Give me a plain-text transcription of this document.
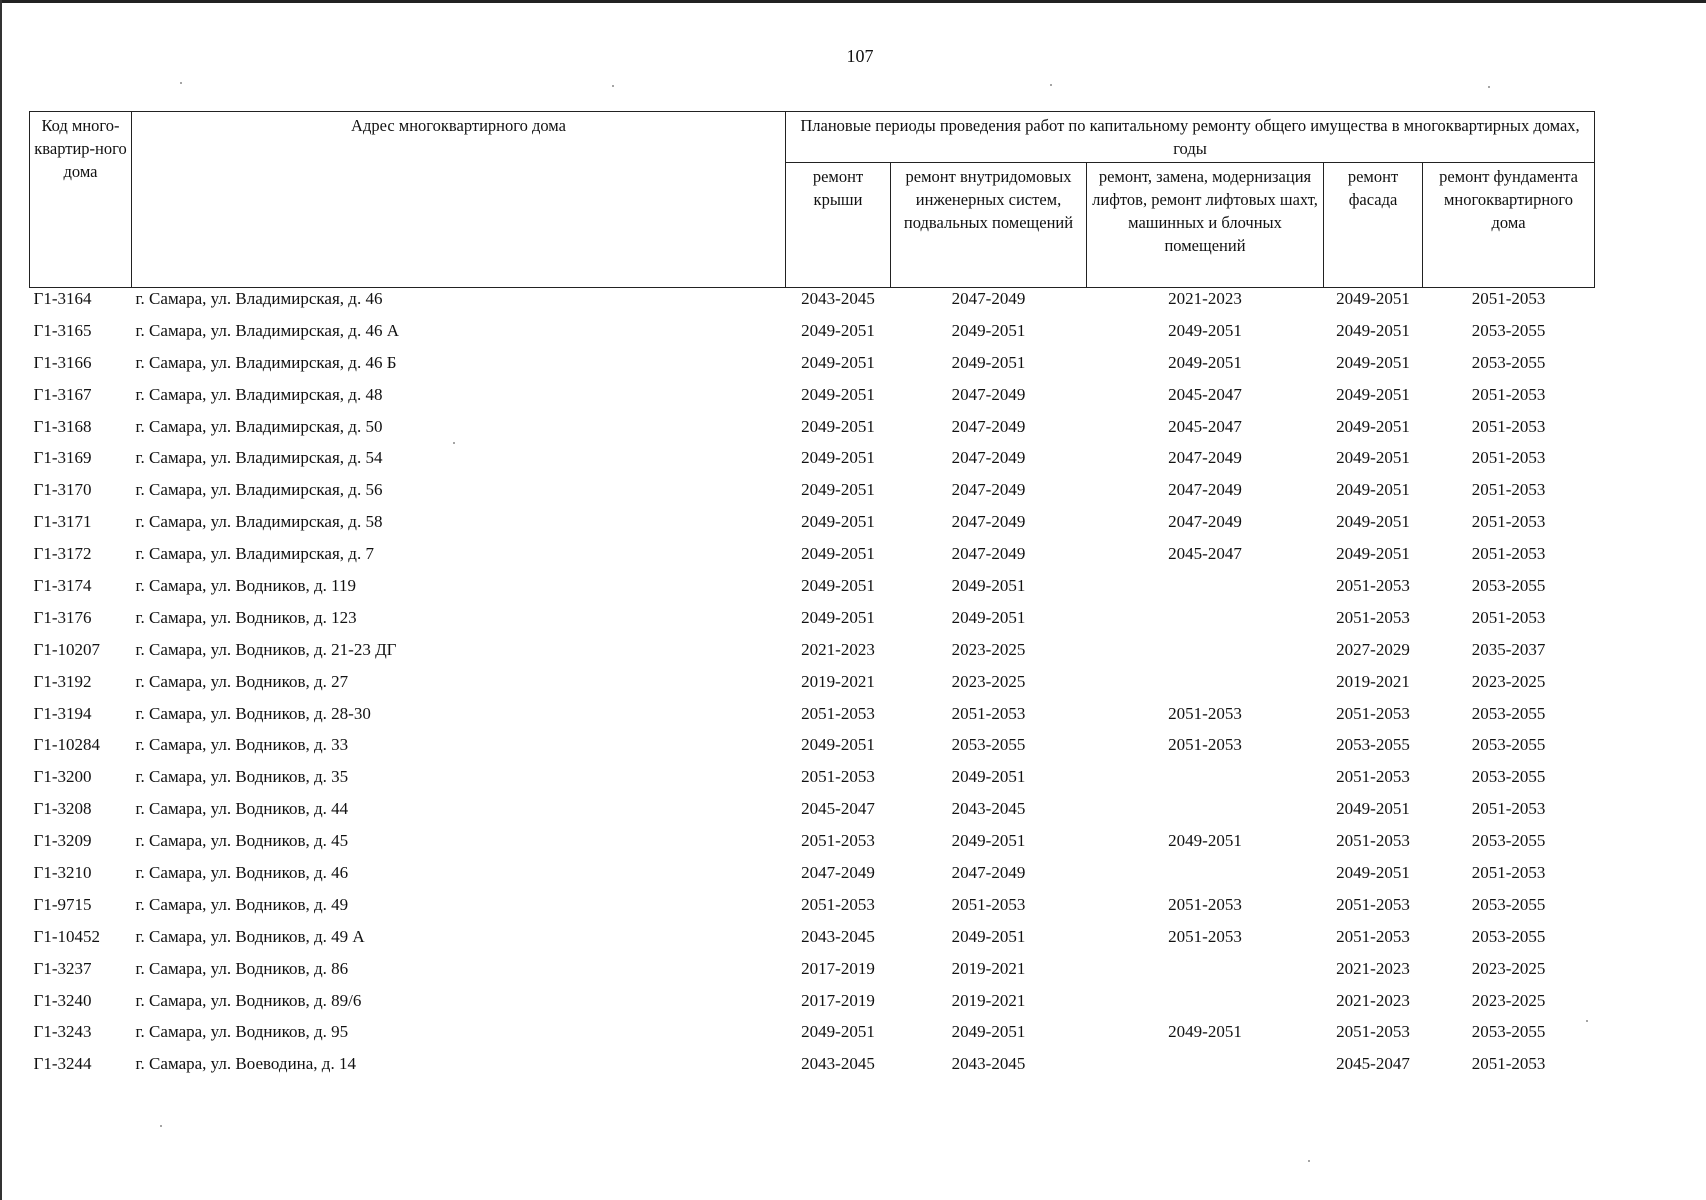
107
Код много-квартир-ного дома	Адрес многоквартирного дома	Плановые периоды проведения работ по капитальному ремонту общего имущества в многоквартирных домах, годы				
		ремонт крыши	ремонт внутридомовых инженерных систем, подвальных помещений	ремонт, замена, модернизация лифтов, ремонт лифтовых шахт, машинных и блочных помещений	ремонт фасада	ремонт фундамента многоквартирного дома
Г1-3164	г. Самара, ул. Владимирская, д. 46	2043-2045	2047-2049	2021-2023	2049-2051	2051-2053
Г1-3165	г. Самара, ул. Владимирская, д. 46 А	2049-2051	2049-2051	2049-2051	2049-2051	2053-2055
Г1-3166	г. Самара, ул. Владимирская, д. 46 Б	2049-2051	2049-2051	2049-2051	2049-2051	2053-2055
Г1-3167	г. Самара, ул. Владимирская, д. 48	2049-2051	2047-2049	2045-2047	2049-2051	2051-2053
Г1-3168	г. Самара, ул. Владимирская, д. 50	2049-2051	2047-2049	2045-2047	2049-2051	2051-2053
Г1-3169	г. Самара, ул. Владимирская, д. 54	2049-2051	2047-2049	2047-2049	2049-2051	2051-2053
Г1-3170	г. Самара, ул. Владимирская, д. 56	2049-2051	2047-2049	2047-2049	2049-2051	2051-2053
Г1-3171	г. Самара, ул. Владимирская, д. 58	2049-2051	2047-2049	2047-2049	2049-2051	2051-2053
Г1-3172	г. Самара, ул. Владимирская, д. 7	2049-2051	2047-2049	2045-2047	2049-2051	2051-2053
Г1-3174	г. Самара, ул. Водников, д. 119	2049-2051	2049-2051		2051-2053	2053-2055
Г1-3176	г. Самара, ул. Водников, д. 123	2049-2051	2049-2051		2051-2053	2051-2053
Г1-10207	г. Самара, ул. Водников, д. 21-23 ДГ	2021-2023	2023-2025		2027-2029	2035-2037
Г1-3192	г. Самара, ул. Водников, д. 27	2019-2021	2023-2025		2019-2021	2023-2025
Г1-3194	г. Самара, ул. Водников, д. 28-30	2051-2053	2051-2053	2051-2053	2051-2053	2053-2055
Г1-10284	г. Самара, ул. Водников, д. 33	2049-2051	2053-2055	2051-2053	2053-2055	2053-2055
Г1-3200	г. Самара, ул. Водников, д. 35	2051-2053	2049-2051		2051-2053	2053-2055
Г1-3208	г. Самара, ул. Водников, д. 44	2045-2047	2043-2045		2049-2051	2051-2053
Г1-3209	г. Самара, ул. Водников, д. 45	2051-2053	2049-2051	2049-2051	2051-2053	2053-2055
Г1-3210	г. Самара, ул. Водников, д. 46	2047-2049	2047-2049		2049-2051	2051-2053
Г1-9715	г. Самара, ул. Водников, д. 49	2051-2053	2051-2053	2051-2053	2051-2053	2053-2055
Г1-10452	г. Самара, ул. Водников, д. 49 А	2043-2045	2049-2051	2051-2053	2051-2053	2053-2055
Г1-3237	г. Самара, ул. Водников, д. 86	2017-2019	2019-2021		2021-2023	2023-2025
Г1-3240	г. Самара, ул. Водников, д. 89/6	2017-2019	2019-2021		2021-2023	2023-2025
Г1-3243	г. Самара, ул. Водников, д. 95	2049-2051	2049-2051	2049-2051	2051-2053	2053-2055
Г1-3244	г. Самара, ул. Воеводина, д. 14	2043-2045	2043-2045		2045-2047	2051-2053
